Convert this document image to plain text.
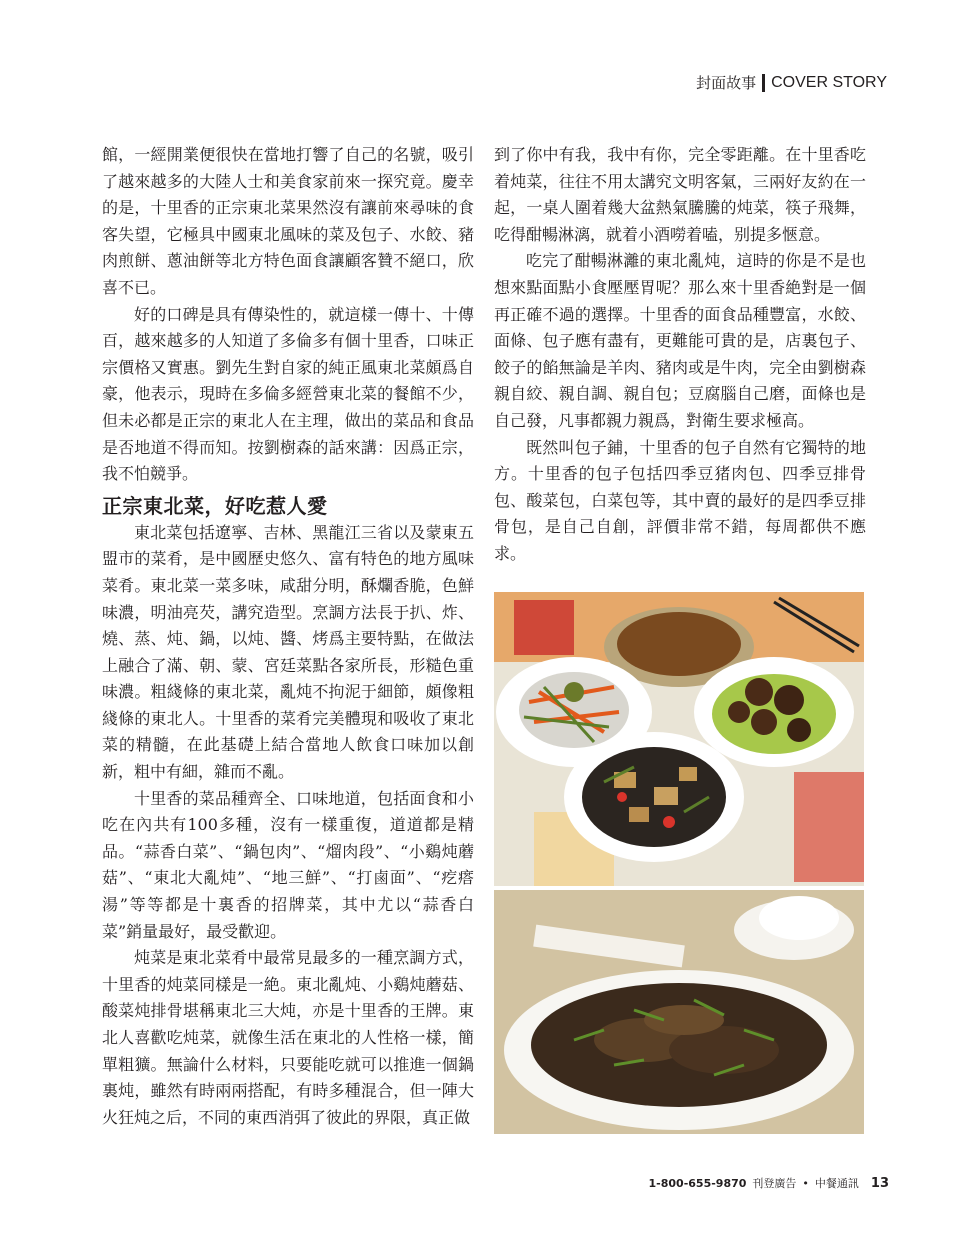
封面故事 COVER STORY

館，一經開業便很快在當地打響了自己的名號，吸引了越來越多的大陸人士和美食家前來一探究竟。慶幸的是，十里香的正宗東北菜果然沒有讓前來尋味的食客失望，它極具中國東北風味的菜及包子、水餃、豬肉煎餅、蔥油餅等北方特色面食讓顧客贊不絕口，欣喜不已。

好的口碑是具有傳染性的，就這樣一傳十、十傳百，越來越多的人知道了多倫多有個十里香，口味正宗價格又實惠。劉先生對自家的純正風東北菜頗爲自豪，他表示，現時在多倫多經營東北菜的餐館不少，但未必都是正宗的東北人在主理，做出的菜品和食品是否地道不得而知。按劉樹森的話來講：因爲正宗，我不怕競爭。

正宗東北菜，好吃惹人愛

東北菜包括遼寧、吉林、黑龍江三省以及蒙東五盟市的菜肴，是中國歷史悠久、富有特色的地方風味菜肴。東北菜一菜多味，咸甜分明，酥爛香脆，色鮮味濃，明油亮芡，講究造型。烹調方法長于扒、炸、燒、蒸、炖、鍋，以炖、醬、烤爲主要特點，在做法上融合了滿、朝、蒙、宮廷菜點各家所長，形糙色重味濃。粗綫條的東北菜，亂炖不拘泥于細節，頗像粗綫條的東北人。十里香的菜肴完美體現和吸收了東北菜的精髓，在此基礎上結合當地人飲食口味加以創新，粗中有細，雜而不亂。

十里香的菜品種齊全、口味地道，包括面食和小吃在內共有100多種，沒有一樣重復，道道都是精品。“蒜香白菜”、“鍋包肉”、“熘肉段”、“小鷄炖蘑菇”、“東北大亂炖”、“地三鮮”、“打鹵面”、“疙瘩湯”等等都是十裏香的招牌菜，其中尤以“蒜香白菜”銷量最好，最受歡迎。

炖菜是東北菜肴中最常見最多的一種烹調方式，十里香的炖菜同樣是一絶。東北亂炖、小鷄炖蘑菇、酸菜炖排骨堪稱東北三大炖，亦是十里香的王牌。東北人喜歡吃炖菜，就像生活在東北的人性格一樣，簡單粗獷。無論什么材料，只要能吃就可以推進一個鍋裏炖，雖然有時兩兩搭配，有時多種混合，但一陣大火狂炖之后，不同的東西消弭了彼此的界限，真正做

到了你中有我，我中有你，完全零距離。在十里香吃着炖菜，往往不用太講究文明客氣，三兩好友約在一起，一桌人圍着幾大盆熱氣騰騰的炖菜，筷子飛舞，吃得酣暢淋漓，就着小酒嘮着嗑，别提多愜意。

吃完了酣暢淋灕的東北亂炖，這時的你是不是也想來點面點小食壓壓胃呢？那么來十里香絶對是一個再正確不過的選擇。十里香的面食品種豐富，水餃、面條、包子應有盡有，更難能可貴的是，店裏包子、餃子的餡無論是羊肉、豬肉或是牛肉，完全由劉樹森親自絞、親自調、親自包；豆腐腦自己磨，面條也是自己發，凡事都親力親爲，對衛生要求極高。

既然叫包子鋪，十里香的包子自然有它獨特的地方。十里香的包子包括四季豆猪肉包、四季豆排骨包、酸菜包，白菜包等，其中賣的最好的是四季豆排骨包，是自己自創，評價非常不錯，每周都供不應求。

1-800-655-9870 刊登廣告 • 中餐通訊 13
